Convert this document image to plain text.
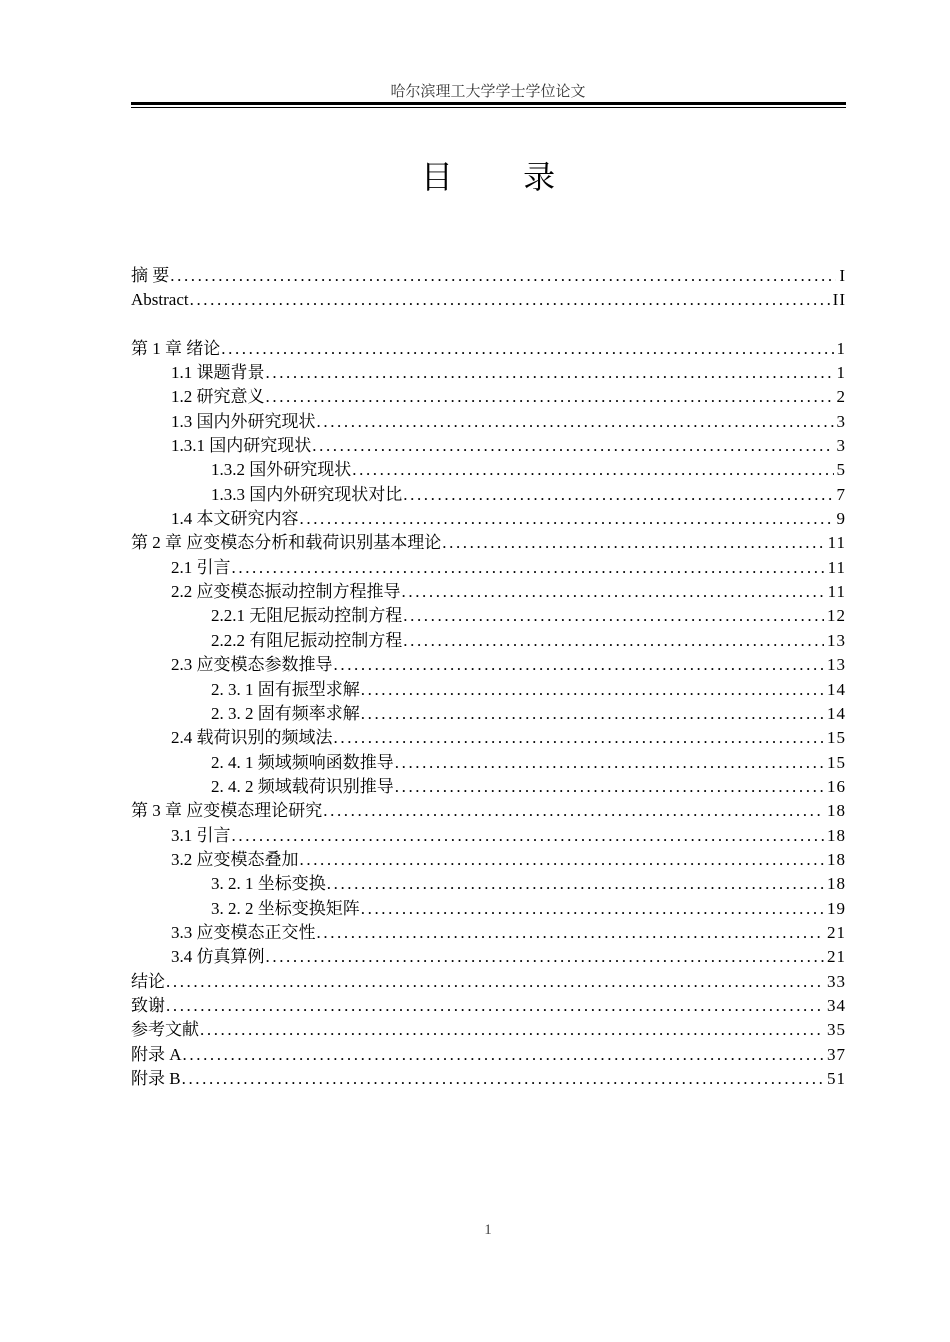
哈尔滨理工大学学士学位论文
目 录
摘 要 .....	I
Abstract .....	II
第 1 章 绪论 .....	1
1.1 课题背景 .....	1
1.2 研究意义 .....	2
1.3 国内外研究现状 .....	3
1.3.1 国内研究现状 .....	3
1.3.2 国外研究现状 .....	5
1.3.3 国内外研究现状对比 .....	7
1.4 本文研究内容 .....	9
第 2 章 应变模态分析和载荷识别基本理论 .....	11
2.1 引言 .....	11
2.2 应变模态振动控制方程推导 .....	11
2.2.1 无阻尼振动控制方程 .....	12
2.2.2 有阻尼振动控制方程 .....	13
2.3 应变模态参数推导 .....	13
2. 3. 1 固有振型求解 .....	14
2. 3. 2 固有频率求解 .....	14
2.4 载荷识别的频域法 .....	15
2. 4. 1 频域频响函数推导 .....	15
2. 4. 2 频域载荷识别推导 .....	16
第 3 章 应变模态理论研究 .....	18
3.1 引言 .....	18
3.2 应变模态叠加 .....	18
3. 2. 1 坐标变换 .....	18
3. 2. 2 坐标变换矩阵 .....	19
3.3 应变模态正交性 .....	21
3.4 仿真算例 .....	21
结论 .....	33
致谢 .....	34
参考文献 .....	35
附录 A .....	37
附录 B .....	51
1
